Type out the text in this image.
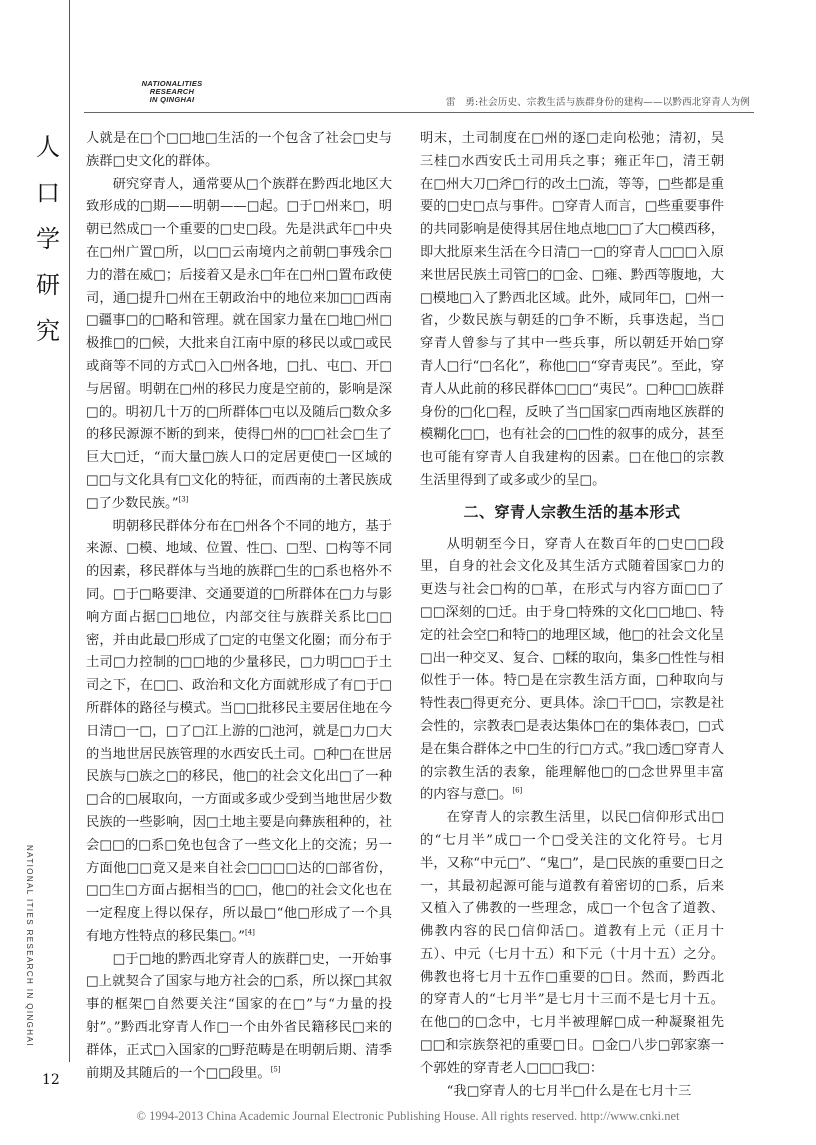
NATIONALITIES
RESEARCH
IN QINGHAI	雷　勇:社会历史、宗教生活与族群身份的建构——以黔西北穿青人为例
人
口
学
研
究
NATIONAL ITIES RESEARCH IN QINGHAI

人就是在□个□□地□生活的一个包含了社会□史与族群□史文化的群体。

研究穿青人，通常要从□个族群在黔西北地区大致形成的□期——明朝——□起。□于□州来□，明朝已然成□一个重要的□史□段。先是洪武年□中央在□州广置□所，以□□云南境内之前朝□事残余□力的潜在威□；后接着又是永□年在□州□置布政使司，通□提升□州在王朝政治中的地位来加□□西南□疆事□的□略和管理。就在国家力量在□地□州□极推□的□候，大批来自江南中原的移民以或□或民或商等不同的方式□入□州各地，□扎、屯□、开□与居留。明朝在□州的移民力度是空前的，影响是深□的。明初几十万的□所群体□屯以及随后□数众多的移民源源不断的到来，使得□州的□□社会□生了巨大□迁，“而大量□族人口的定居更使□一区域的□□与文化具有□文化的特征，而西南的土著民族成□了少数民族。”[3]

明朝移民群体分布在□州各个不同的地方，基于来源、□模、地域、位置、性□、□型、□构等不同的因素，移民群体与当地的族群□生的□系也格外不同。□于□略要津、交通要道的□所群体在□力与影响方面占据□□地位，内部交往与族群关系比□□密，并由此最□形成了□定的屯堡文化圈；而分布于土司□力控制的□□地的少量移民，□力明□□于土司之下，在□□、政治和文化方面就形成了有□于□所群体的路径与模式。当□□批移民主要居住地在今日清□一□，□了□江上游的□池河，就是□力□大的当地世居民族管理的水西安氏土司。□种□在世居民族与□族之□的移民，他□的社会文化出□了一种□合的□展取向，一方面或多或少受到当地世居少数民族的一些影响，因□土地主要是向彝族租种的，社会□□的□系□免也包含了一些文化上的交流；另一方面他□□竟又是来自社会□□□□达的□部省份，□□生□方面占据相当的□□，他□的社会文化也在一定程度上得以保存，所以最□“他□形成了一个具有地方性特点的移民集□。”[4]

□于□地的黔西北穿青人的族群□史，一开始事□上就契合了国家与地方社会的□系，所以探□其叙事的框架□自然要关注“国家的在□”与“力量的投射”。”黔西北穿青人作□一个由外省民籍移民□来的群体，正式□入国家的□野范畴是在明朝后期、清季前期及其随后的一个□□段里。[5]

明末，土司制度在□州的逐□走向松弛；清初，吴三桂□水西安氏土司用兵之事；雍正年□，清王朝在□州大刀□斧□行的改土□流，等等，□些都是重要的□史□点与事件。□穿青人而言，□些重要事件的共同影响是使得其居住地点地□□了大□模西移，即大批原来生活在今日清□一□的穿青人□□□入原来世居民族土司管□的□金、□雍、黔西等腹地，大□模地□入了黔西北区域。此外，咸同年□，□州一省，少数民族与朝廷的□争不断，兵事迭起，当□穿青人曾参与了其中一些兵事，所以朝廷开始□穿青人□行“□名化”，称他□□“穿青夷民”。至此，穿青人从此前的移民群体□□□“夷民”。□种□□族群身份的□化□程，反映了当□国家□西南地区族群的模糊化□□，也有社会的□□性的叙事的成分，甚至也可能有穿青人自我建构的因素。□在他□的宗教生活里得到了或多或少的呈□。

二、穿青人宗教生活的基本形式

从明朝至今日，穿青人在数百年的□史□□段里，自身的社会文化及其生活方式随着国家□力的更迭与社会□构的□革，在形式与内容方面□□了□□深刻的□迁。由于身□特殊的文化□□地□、特定的社会空□和特□的地理区域，他□的社会文化呈□出一种交叉、复合、□糅的取向，集多□性性与相似性于一体。特□是在宗教生活方面，□种取向与特性表□得更充分、更具体。涂□干□□，宗教是社会性的，宗教表□是表达集体□在的集体表□，□式是在集合群体之中□生的行□方式。”我□透□穿青人的宗教生活的表象，能理解他□的□念世界里丰富的内容与意□。[6]

在穿青人的宗教生活里，以民□信仰形式出□的“七月半”成□一个□受关注的文化符号。七月半，又称“中元□”、“鬼□”，是□民族的重要□日之一，其最初起源可能与道教有着密切的□系，后来又植入了佛教的一些理念，成□一个包含了道教、佛教内容的民□信仰活□。道教有上元（正月十五）、中元（七月十五）和下元（十月十五）之分。佛教也将七月十五作□重要的□日。然而，黔西北的穿青人的“七月半”是七月十三而不是七月十五。在他□的□念中，七月半被理解□成一种凝聚祖先□□和宗族祭祀的重要□日。□金□八步□郭家寨一个郭姓的穿青老人□□□我□：

“我□穿青人的七月半□什么是在七月十三

12
© 1994-2013 China Academic Journal Electronic Publishing House. All rights reserved. http://www.cnki.net
